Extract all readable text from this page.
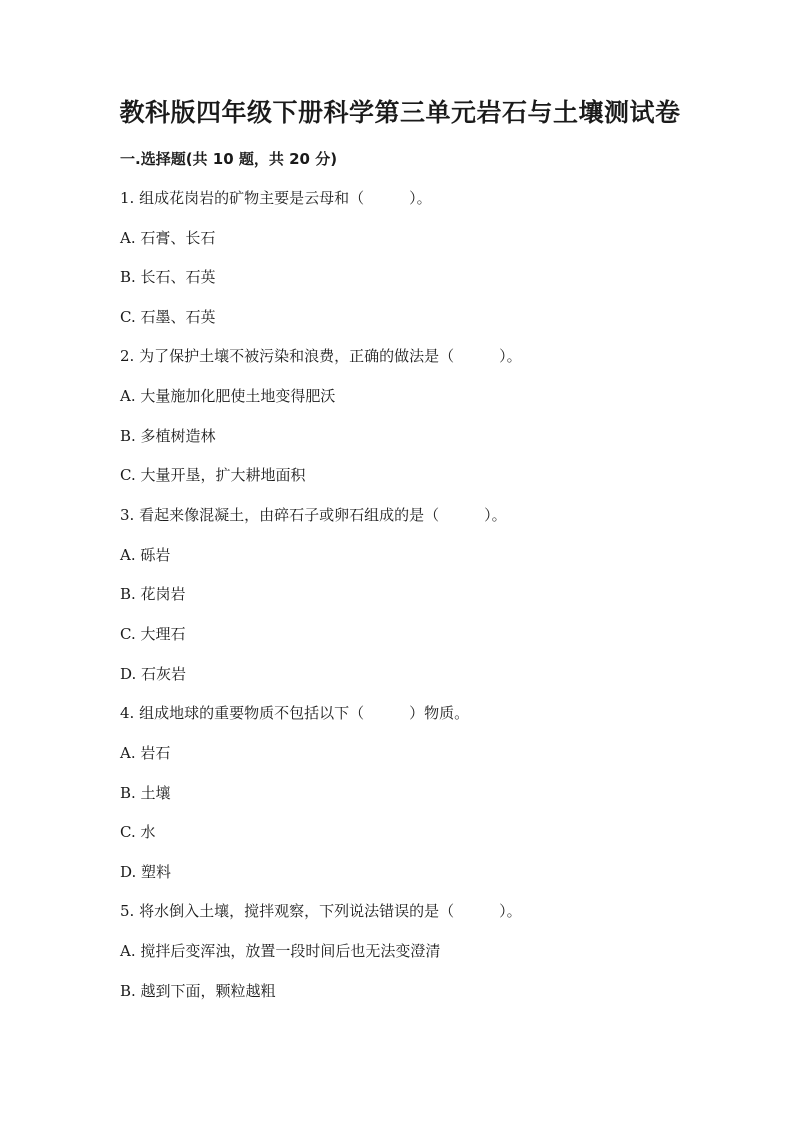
教科版四年级下册科学第三单元岩石与土壤测试卷
一.选择题(共 10 题，共 20 分)

1. 组成花岗岩的矿物主要是云母和（　　　）。

A. 石膏、长石

B. 长石、石英

C. 石墨、石英

2. 为了保护土壤不被污染和浪费，正确的做法是（　　　）。

A. 大量施加化肥使土地变得肥沃

B. 多植树造林

C. 大量开垦，扩大耕地面积

3. 看起来像混凝土，由碎石子或卵石组成的是（　　　）。

A. 砾岩

B. 花岗岩

C. 大理石

D. 石灰岩

4. 组成地球的重要物质不包括以下（　　　）物质。

A. 岩石

B. 土壤

C. 水

D. 塑料

5. 将水倒入土壤，搅拌观察，下列说法错误的是（　　　）。

A. 搅拌后变浑浊，放置一段时间后也无法变澄清

B. 越到下面，颗粒越粗
